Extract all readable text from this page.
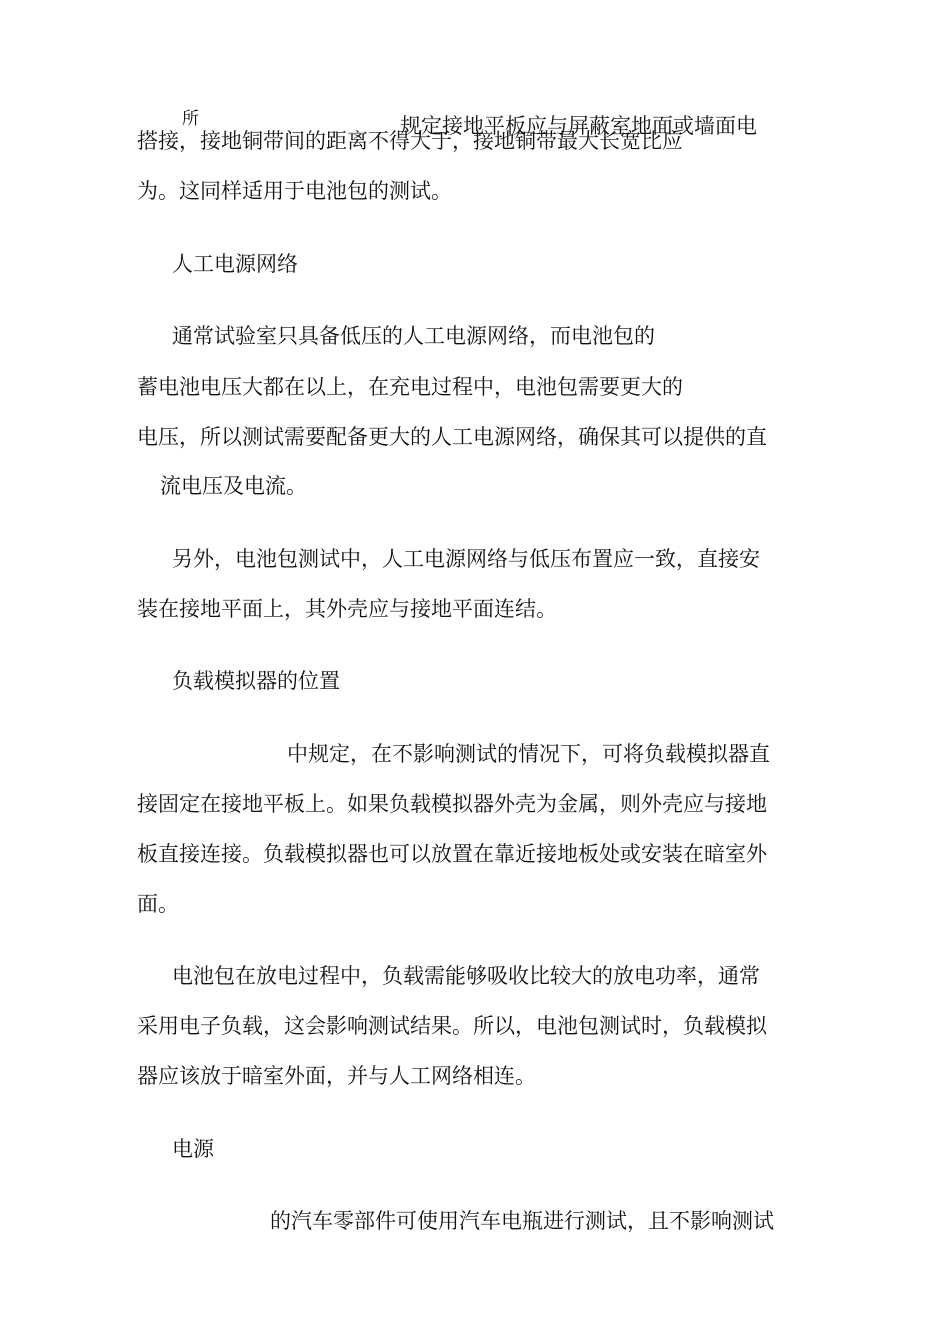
所	规定接地平板应与屏蔽室地面或墙面电
搭接，接地铜带间的距离不得大于，接地铜带最大长宽比应
为。这同样适用于电池包的测试。
人工电源网络
通常试验室只具备低压的人工电源网络，而电池包的
蓄电池电压大都在以上，在充电过程中，电池包需要更大的
电压，所以测试需要配备更大的人工电源网络，确保其可以提供的直
流电压及电流。
另外，电池包测试中，人工电源网络与低压布置应一致，直接安
装在接地平面上，其外壳应与接地平面连结。
负载模拟器的位置
中规定，在不影响测试的情况下，可将负载模拟器直
接固定在接地平板上。如果负载模拟器外壳为金属，则外壳应与接地
板直接连接。负载模拟器也可以放置在靠近接地板处或安装在暗室外
面。
电池包在放电过程中，负载需能够吸收比较大的放电功率，通常
采用电子负载，这会影响测试结果。所以，电池包测试时，负载模拟
器应该放于暗室外面，并与人工网络相连。
电源
的汽车零部件可使用汽车电瓶进行测试，且不影响测试
